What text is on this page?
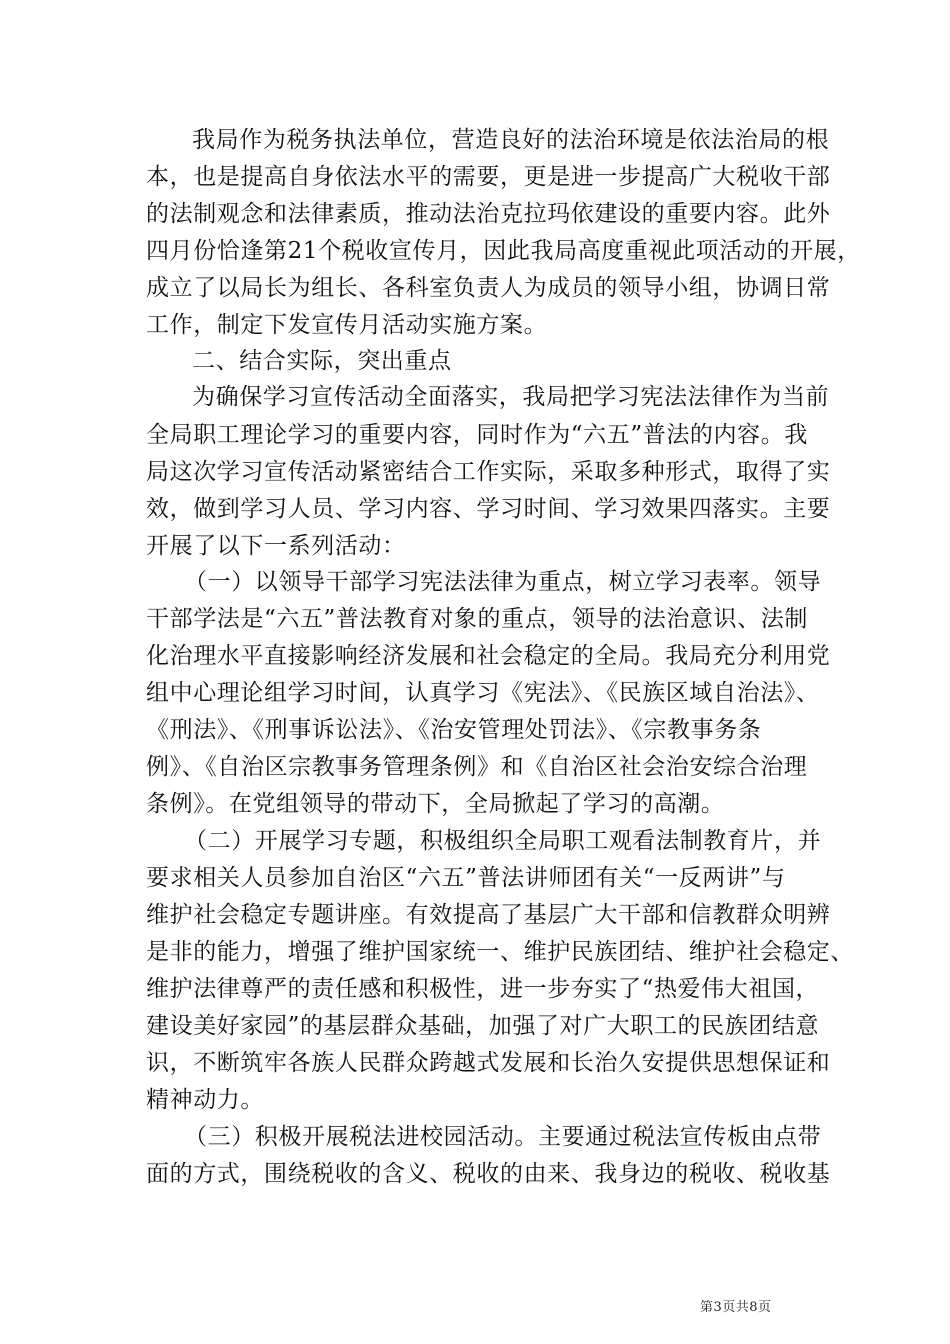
我局作为税务执法单位，营造良好的法治环境是依法治局的根
本，也是提高自身依法水平的需要，更是进一步提高广大税收干部
的法制观念和法律素质，推动法治克拉玛依建设的重要内容。此外
四月份恰逢第21个税收宣传月，因此我局高度重视此项活动的开展，
成立了以局长为组长、各科室负责人为成员的领导小组，协调日常
工作，制定下发宣传月活动实施方案。
二、结合实际，突出重点
为确保学习宣传活动全面落实，我局把学习宪法法律作为当前
全局职工理论学习的重要内容，同时作为“六五”普法的内容。我
局这次学习宣传活动紧密结合工作实际，采取多种形式，取得了实
效，做到学习人员、学习内容、学习时间、学习效果四落实。主要
开展了以下一系列活动：
（一）以领导干部学习宪法法律为重点，树立学习表率。领导
干部学法是“六五”普法教育对象的重点，领导的法治意识、法制
化治理水平直接影响经济发展和社会稳定的全局。我局充分利用党
组中心理论组学习时间，认真学习《宪法》、《民族区域自治法》、
《刑法》、《刑事诉讼法》、《治安管理处罚法》、《宗教事务条
例》、《自治区宗教事务管理条例》和《自治区社会治安综合治理
条例》。在党组领导的带动下，全局掀起了学习的高潮。
（二）开展学习专题，积极组织全局职工观看法制教育片，并
要求相关人员参加自治区“六五”普法讲师团有关“一反两讲”与
维护社会稳定专题讲座。有效提高了基层广大干部和信教群众明辨
是非的能力，增强了维护国家统一、维护民族团结、维护社会稳定、
维护法律尊严的责任感和积极性，进一步夯实了“热爱伟大祖国，
建设美好家园”的基层群众基础，加强了对广大职工的民族团结意
识，不断筑牢各族人民群众跨越式发展和长治久安提供思想保证和
精神动力。
（三）积极开展税法进校园活动。主要通过税法宣传板由点带
面的方式，围绕税收的含义、税收的由来、我身边的税收、税收基
第3页共8页
